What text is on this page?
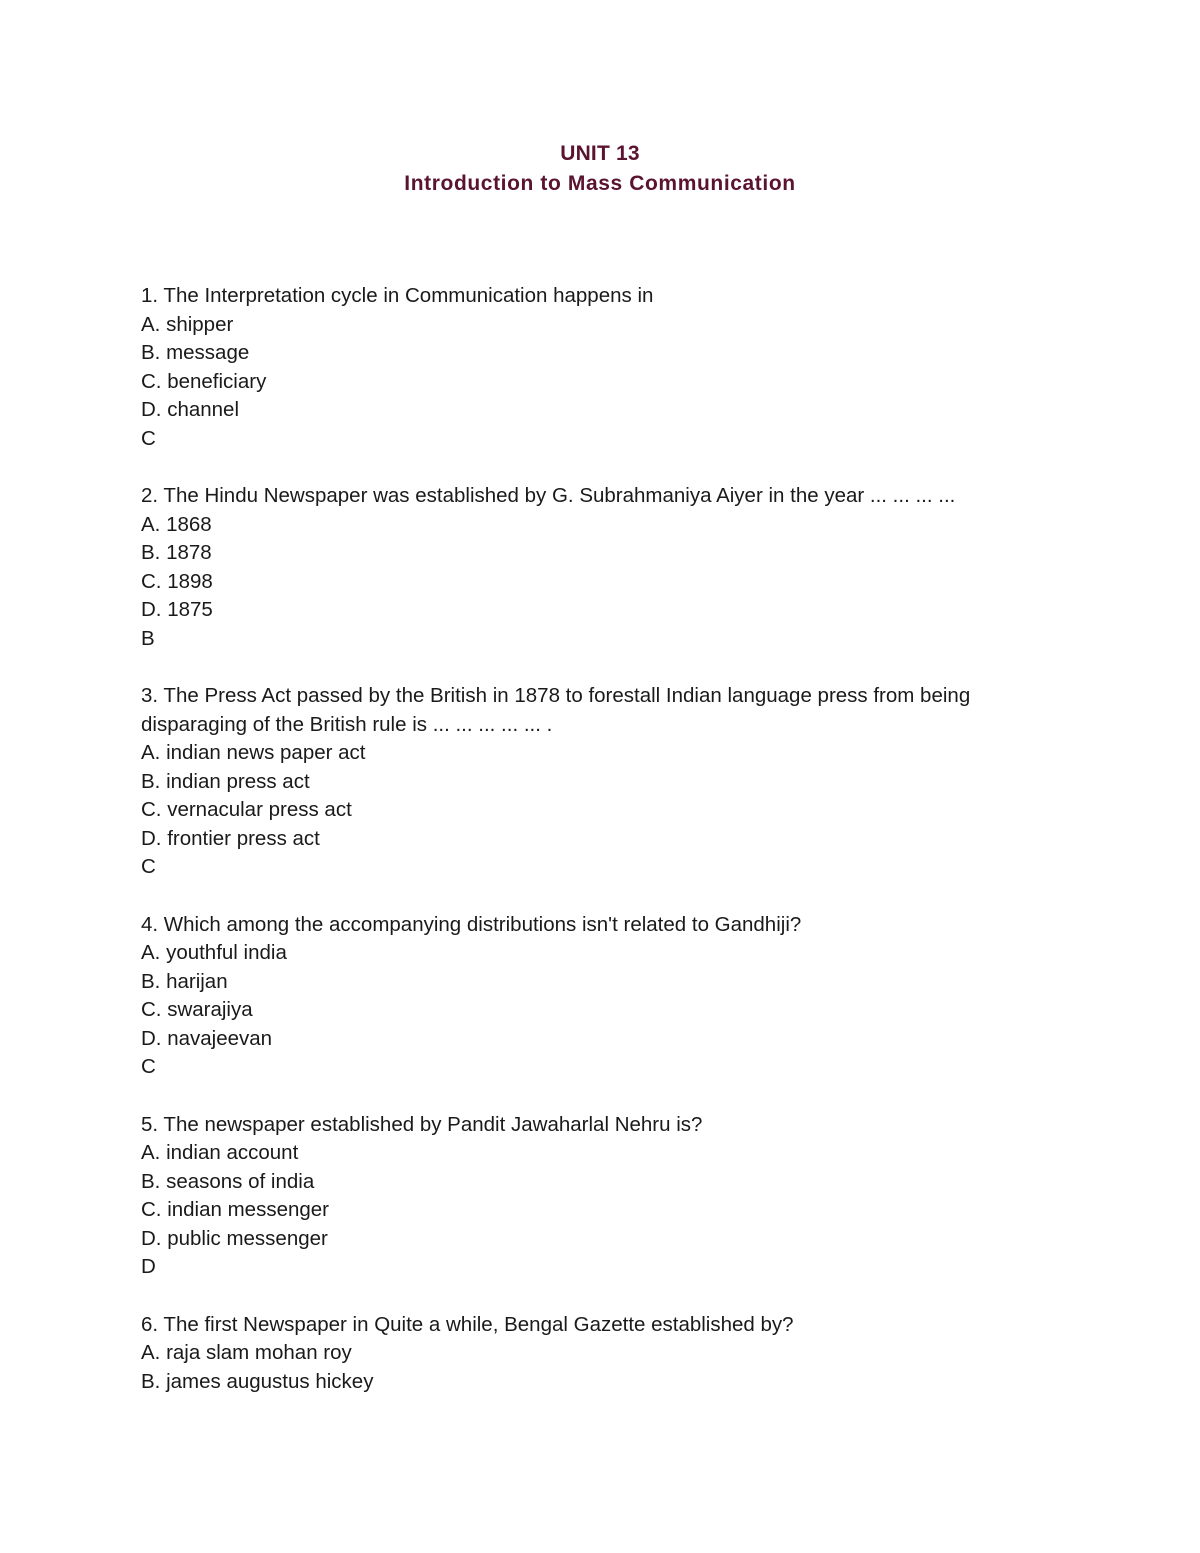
UNIT 13
Introduction to Mass Communication
1. The Interpretation cycle in Communication happens in
A. shipper
B. message
C. beneficiary
D. channel
C
2. The Hindu Newspaper was established by G. Subrahmaniya Aiyer in the year ... ... ... ...
A. 1868
B. 1878
C. 1898
D. 1875
B
3. The Press Act passed by the British in 1878 to forestall Indian language press from being
disparaging of the British rule is ... ... ... ... ... .
A. indian news paper act
B. indian press act
C. vernacular press act
D. frontier press act
C
4. Which among the accompanying distributions isn't related to Gandhiji?
A. youthful india
B. harijan
C. swarajiya
D. navajeevan
C
5. The newspaper established by Pandit Jawaharlal Nehru is?
A. indian account
B. seasons of india
C. indian messenger
D. public messenger
D
6. The first Newspaper in Quite a while, Bengal Gazette established by?
A. raja slam mohan roy
B. james augustus hickey
